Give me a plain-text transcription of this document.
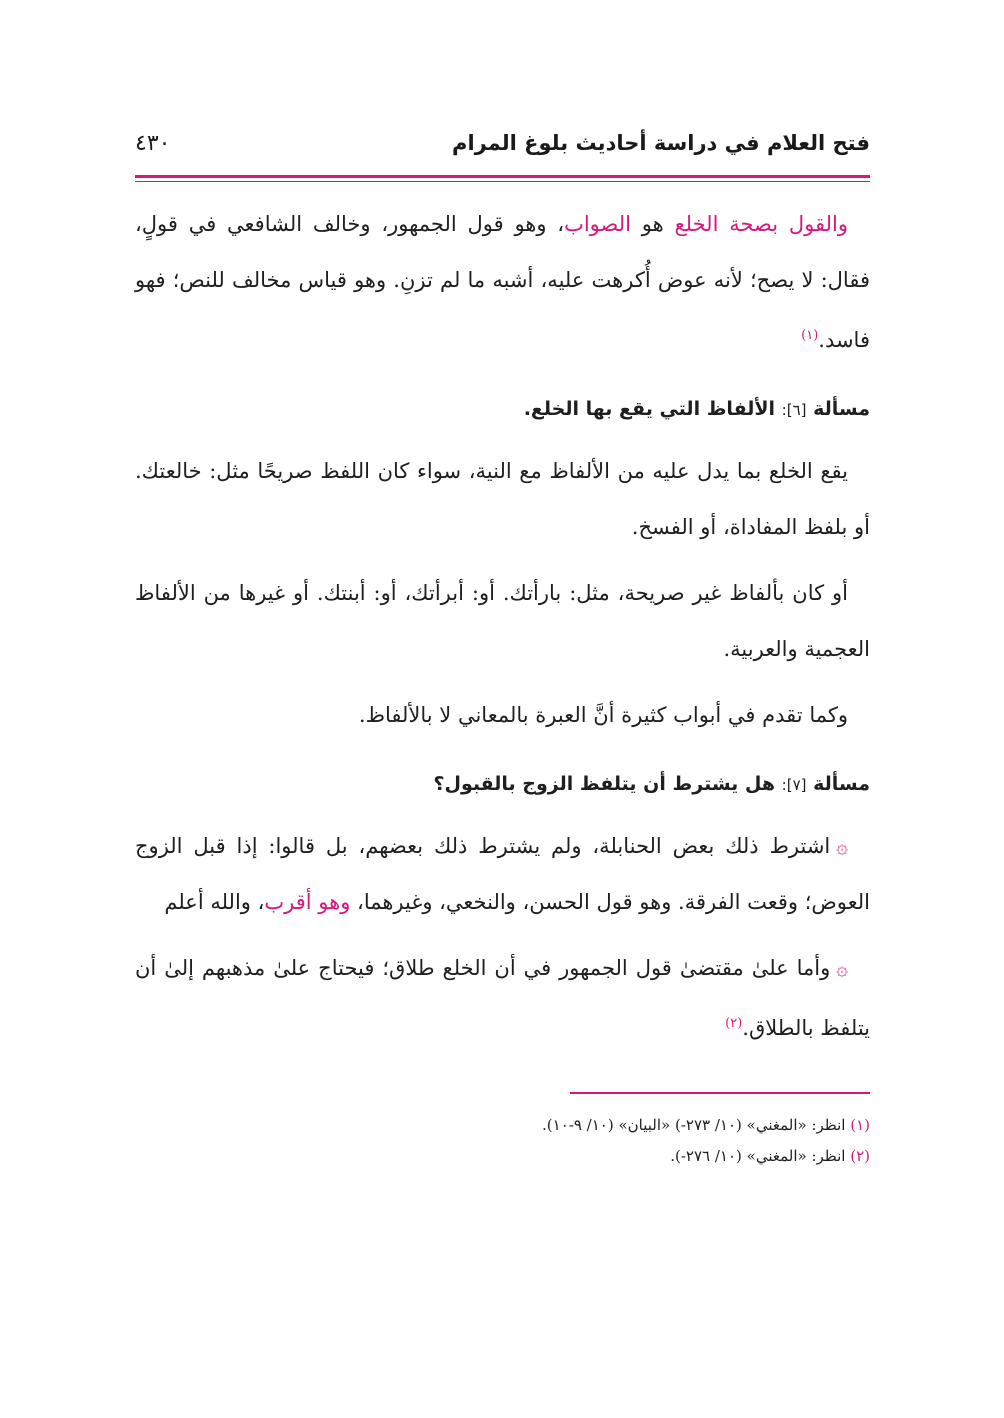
فتح العلام في دراسة أحاديث بلوغ المرام
٤٣٠

والقول بصحة الخلع هو الصواب، وهو قول الجمهور، وخالف الشافعي في قولٍ، فقال: لا يصح؛ لأنه عوض أُكرهت عليه، أشبه ما لم تزنِ. وهو قياس مخالف للنص؛ فهو فاسد.$^{(١)}$

مسألة [٦]: الألفاظ التي يقع بها الخلع.

يقع الخلع بما يدل عليه من الألفاظ مع النية، سواء كان اللفظ صريحًا مثل: خالعتك. أو بلفظ المفاداة، أو الفسخ.

أو كان بألفاظ غير صريحة، مثل: بارأتك. أو: أبرأتك، أو: أبنتك. أو غيرها من الألفاظ العجمية والعربية.

وكما تقدم في أبواب كثيرة أنَّ العبرة بالمعاني لا بالألفاظ.

مسألة [٧]: هل يشترط أن يتلفظ الزوج بالقبول؟

۞اشترط ذلك بعض الحنابلة، ولم يشترط ذلك بعضهم، بل قالوا: إذا قبل الزوج العوض؛ وقعت الفرقة. وهو قول الحسن، والنخعي، وغيرهما، وهو أقرب، والله أعلم

۞وأما علىٰ مقتضىٰ قول الجمهور في أن الخلع طلاق؛ فيحتاج علىٰ مذهبهم إلىٰ أن يتلفظ بالطلاق.$^{(٢)}$

(١) انظر: «المغني» (١٠/ ٢٧٣-) «البيان» (١٠/ ٩-١٠).
(٢) انظر: «المغني» (١٠/ ٢٧٦-).
